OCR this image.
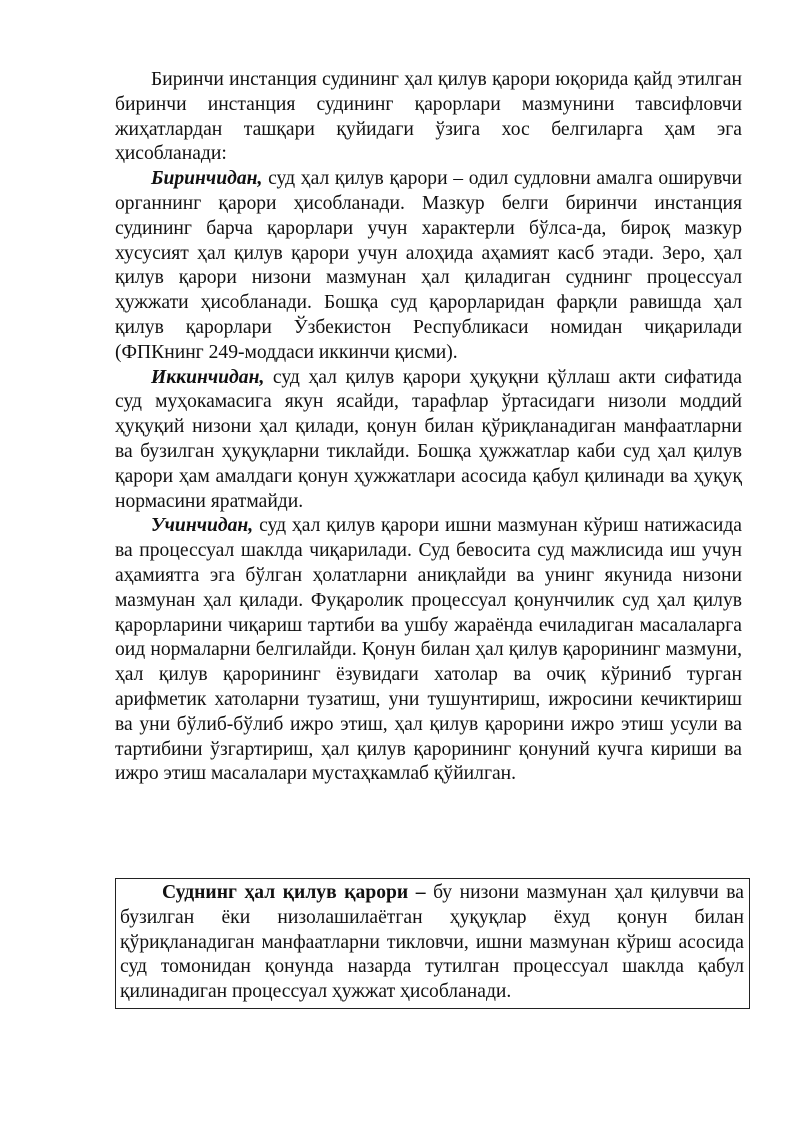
Биринчи инстанция судининг ҳал қилув қарори юқорида қайд этилган биринчи инстанция судининг қарорлари мазмунини тавсифловчи жиҳатлардан ташқари қуйидаги ўзига хос белгиларга ҳам эга ҳисобланади:

Биринчидан, суд ҳал қилув қарори – одил судловни амалга оширувчи органнинг қарори ҳисобланади. Мазкур белги биринчи инстанция судининг барча қарорлари учун характерли бўлса-да, бироқ мазкур хусусият ҳал қилув қарори учун алоҳида аҳамият касб этади. Зеро, ҳал қилув қарори низони мазмунан ҳал қиладиган суднинг процессуал ҳужжати ҳисобланади. Бошқа суд қарорларидан фарқли равишда ҳал қилув қарорлари Ўзбекистон Республикаси номидан чиқарилади (ФПКнинг 249-моддаси иккинчи қисми).

Иккинчидан, суд ҳал қилув қарори ҳуқуқни қўллаш акти сифатида суд муҳокамасига якун ясайди, тарафлар ўртасидаги низоли моддий ҳуқуқий низони ҳал қилади, қонун билан қўриқланадиган манфаатларни ва бузилган ҳуқуқларни тиклайди. Бошқа ҳужжатлар каби суд ҳал қилув қарори ҳам амалдаги қонун ҳужжатлари асосида қабул қилинади ва ҳуқуқ нормасини яратмайди.

Учинчидан, суд ҳал қилув қарори ишни мазмунан кўриш натижасида ва процессуал шаклда чиқарилади. Суд бевосита суд мажлисида иш учун аҳамиятга эга бўлган ҳолатларни аниқлайди ва унинг якунида низони мазмунан ҳал қилади. Фуқаролик процессуал қонунчилик суд ҳал қилув қарорларини чиқариш тартиби ва ушбу жараёнда ечиладиган масалаларга оид нормаларни белгилайди. Қонун билан ҳал қилув қарорининг мазмуни, ҳал қилув қарорининг ёзувидаги хатолар ва очиқ кўриниб турган арифметик хатоларни тузатиш, уни тушунтириш, ижросини кечиктириш ва уни бўлиб-бўлиб ижро этиш, ҳал қилув қарорини ижро этиш усули ва тартибини ўзгартириш, ҳал қилув қарорининг қонуний кучга кириши ва ижро этиш масалалари мустаҳкамлаб қўйилган.

Суднинг ҳал қилув қарори – бу низони мазмунан ҳал қилувчи ва бузилган ёки низолашилаётган ҳуқуқлар ёхуд қонун билан қўриқланадиган манфаатларни тикловчи, ишни мазмунан кўриш асосида суд томонидан қонунда назарда тутилган процессуал шаклда қабул қилинадиган процессуал ҳужжат ҳисобланади.
